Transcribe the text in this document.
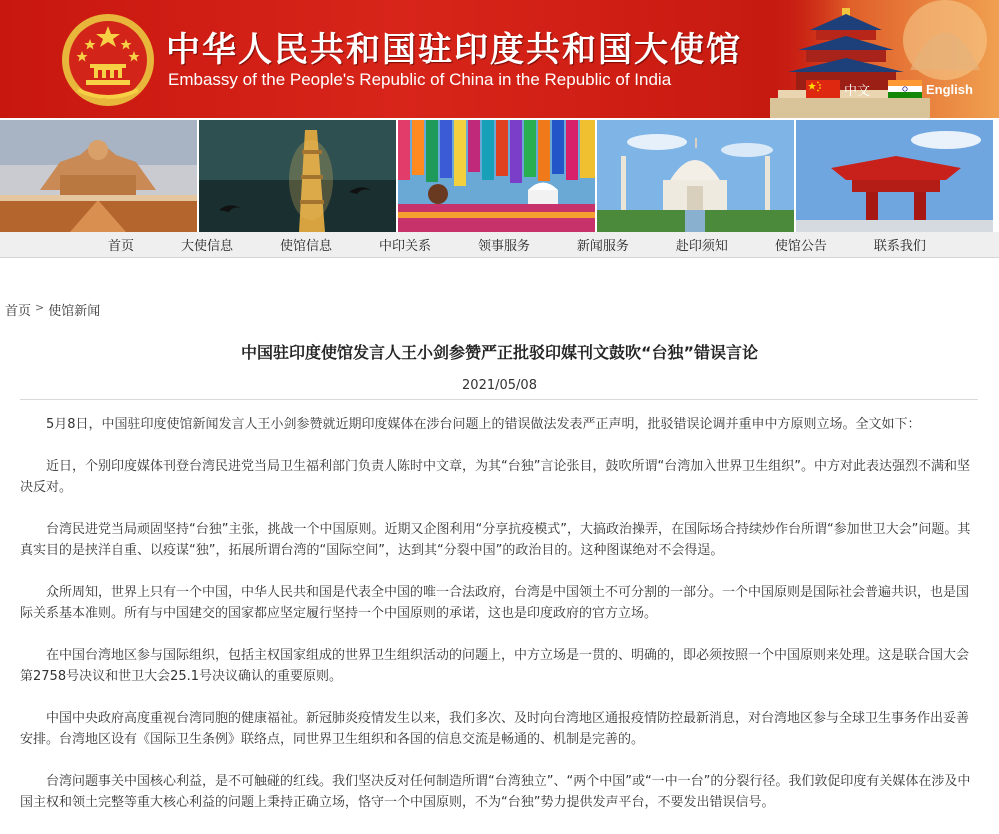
中华人民共和国驻印度共和国大使馆
Embassy of the People's Republic of China in the Republic of India
中文	English
首页	大使信息	使馆信息	中印关系	领事服务	新闻服务	赴印须知	使馆公告	联系我们
首页 > 使馆新闻
中国驻印度使馆发言人王小剑参赞严正批驳印媒刊文鼓吹“台独”错误言论
2021/05/08

5月8日，中国驻印度使馆新闻发言人王小剑参赞就近期印度媒体在涉台问题上的错误做法发表严正声明，批驳错误论调并重申中方原则立场。全文如下：

近日，个别印度媒体刊登台湾民进党当局卫生福利部门负责人陈时中文章，为其“台独”言论张目，鼓吹所谓“台湾加入世界卫生组织”。中方对此表达强烈不满和坚决反对。

台湾民进党当局顽固坚持“台独”主张，挑战一个中国原则。近期又企图利用“分享抗疫模式”，大搞政治操弄，在国际场合持续炒作台所谓“参加世卫大会”问题。其真实目的是挟洋自重、以疫谋“独”，拓展所谓台湾的“国际空间”，达到其“分裂中国”的政治目的。这种图谋绝对不会得逞。

众所周知，世界上只有一个中国，中华人民共和国是代表全中国的唯一合法政府，台湾是中国领土不可分割的一部分。一个中国原则是国际社会普遍共识，也是国际关系基本准则。所有与中国建交的国家都应坚定履行坚持一个中国原则的承诺，这也是印度政府的官方立场。

在中国台湾地区参与国际组织，包括主权国家组成的世界卫生组织活动的问题上，中方立场是一贯的、明确的，即必须按照一个中国原则来处理。这是联合国大会第2758号决议和世卫大会25.1号决议确认的重要原则。

中国中央政府高度重视台湾同胞的健康福祉。新冠肺炎疫情发生以来，我们多次、及时向台湾地区通报疫情防控最新消息，对台湾地区参与全球卫生事务作出妥善安排。台湾地区设有《国际卫生条例》联络点，同世界卫生组织和各国的信息交流是畅通的、机制是完善的。

台湾问题事关中国核心利益，是不可触碰的红线。我们坚决反对任何制造所谓“台湾独立”、“两个中国”或“一中一台”的分裂行径。我们敦促印度有关媒体在涉及中国主权和领土完整等重大核心利益的问题上秉持正确立场，恪守一个中国原则，不为“台独”势力提供发声平台，不要发出错误信号。
